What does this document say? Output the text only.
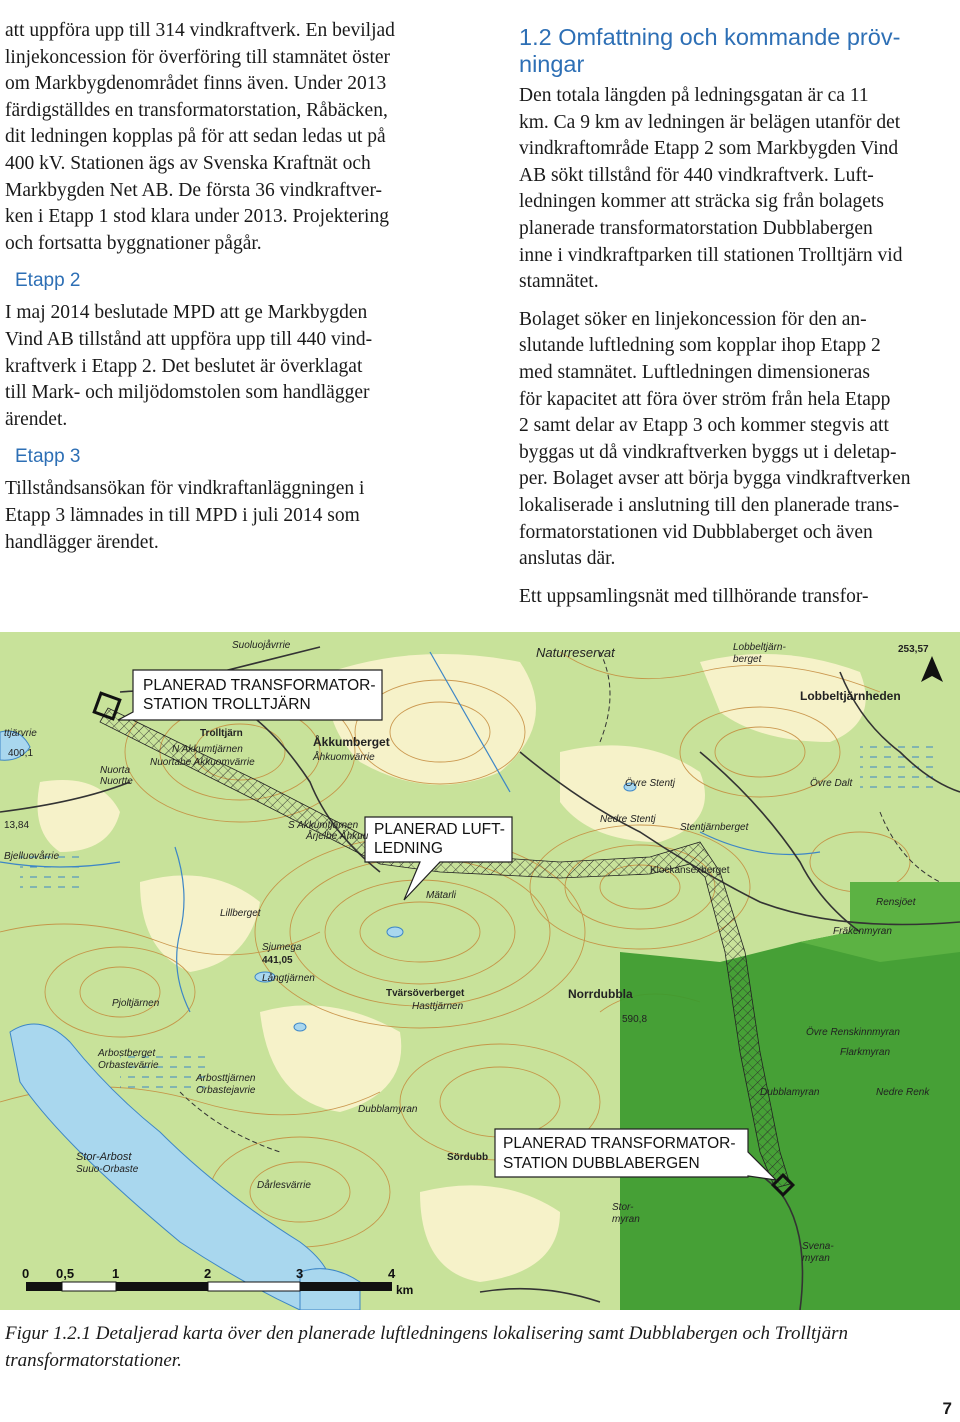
att uppföra upp till 314 vindkraftverk. En beviljad
linjekoncession för överföring till stamnätet öster
om Markbygdenområdet finns även. Under 2013
färdigställdes en transformatorstation, Råbäcken,
dit ledningen kopplas på för att sedan ledas ut på
400 kV. Stationen ägs av Svenska Kraftnät och
Markbygden Net AB. De första 36 vindkraftver-
ken i Etapp 1 stod klara under 2013. Projektering
och fortsatta byggnationer pågår.

Etapp 2

I maj 2014 beslutade MPD att ge Markbygden
Vind AB tillstånd att uppföra upp till 440 vind-
kraftverk i Etapp 2. Det beslutet är överklagat
till Mark- och miljödomstolen som handlägger
ärendet.

Etapp 3

Tillståndsansökan för vindkraftanläggningen i
Etapp 3 lämnades in till MPD i juli 2014 som
handlägger ärendet.

1.2 Omfattning och kommande pröv-
ningar

Den totala längden på ledningsgatan är ca 11
km. Ca 9 km av ledningen är belägen utanför det
vindkraftområde Etapp 2 som Markbygden Vind
AB sökt tillstånd för 440 vindkraftverk. Luft-
ledningen kommer att sträcka sig från bolagets
planerade transformatorstation Dubblabergen
inne i vindkraftparken till stationen Trolltjärn vid
stamnätet.

Bolaget söker en linjekoncession för den an-
slutande luftledning som kopplar ihop Etapp 2
med stamnätet. Luftledningen dimensioneras
för kapacitet att föra över ström från hela Etapp
2 samt delar av Etapp 3 och kommer stegvis att
byggas ut då vindkraftverken byggs ut i deletap-
per. Bolaget avser att börja bygga vindkraftverken
lokaliserade i anslutning till den planerade trans-
formatorstationen vid Dubblaberget och även
anslutas där.

Ett uppsamlingsnät med tillhörande transfor-

PLANERAD TRANSFORMATOR-
STATION TROLLTJÄRN
PLANERAD LUFT-
LEDNING
PLANERAD TRANSFORMATOR-
STATION DUBBLABERGEN
Suoluojåvrrie	Naturreservat	Lobbeltjärn-
berget
253,57
Lobbeltjärnheden
Trolltjärn
ttjärvrie
400,1	N Akkumtjärnen
Nuortabe Akkuomvärrie
Nuorta
Nuortte
Åkkumberget
Åhkuomvärrie
Övre Stentj	Övre Dalt
Stentjärnberget
Nedre Stentj
S Akkumtjärnen
Årjelbe Åhkuu
13,84
Bjelluovårrie
Klockansexberget
Lillberget
Mätarli
Rensjöet
Fräkenmyran
Sjumega
441,05
Långtjärnen
Norrdubbla
Tvärsöverberget
Hasttjärnen
Pjoltjärnen
590,8
Övre Renskinnmyran
Flarkmyran
Dubblamyran	Nedre Renk
Arbostberget
Orbastevärrie
Arbosttjärnen
Orbastejavrie
Dubblamyran
Sördubb
Stor-Arbost
Suuo-Orbaste
Dårlesvärrie
Stor-
myran
Svena-
myran
0 0,5	1	2	3	4
km
Figur 1.2.1 Detaljerad karta över den planerade luftledningens lokalisering samt Dubblabergen och Trolltjärn
transformatorstationer.
7
